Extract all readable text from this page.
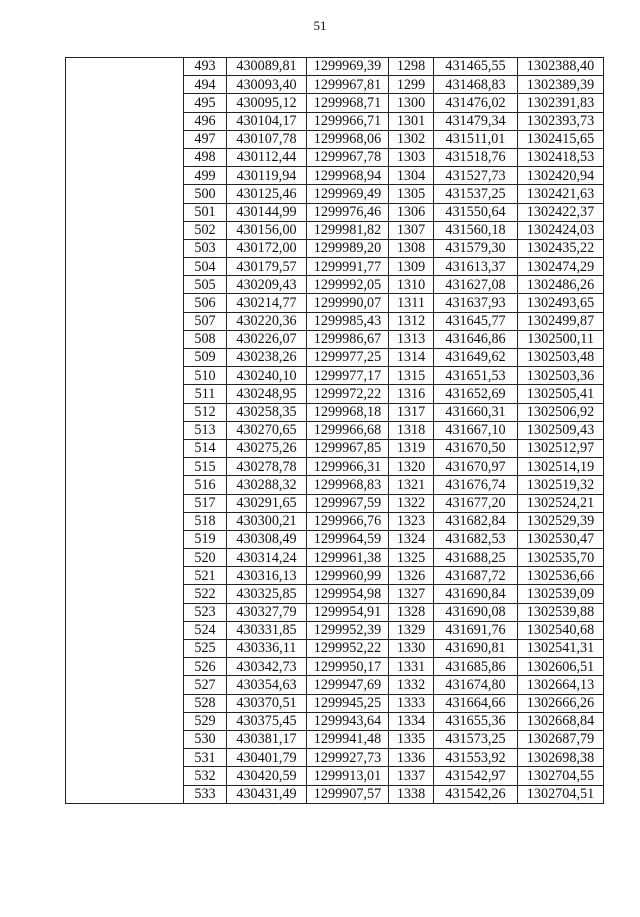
51
	493	430089,81	1299969,39	1298	431465,55	1302388,40
	494	430093,40	1299967,81	1299	431468,83	1302389,39
	495	430095,12	1299968,71	1300	431476,02	1302391,83
	496	430104,17	1299966,71	1301	431479,34	1302393,73
	497	430107,78	1299968,06	1302	431511,01	1302415,65
	498	430112,44	1299967,78	1303	431518,76	1302418,53
	499	430119,94	1299968,94	1304	431527,73	1302420,94
	500	430125,46	1299969,49	1305	431537,25	1302421,63
	501	430144,99	1299976,46	1306	431550,64	1302422,37
	502	430156,00	1299981,82	1307	431560,18	1302424,03
	503	430172,00	1299989,20	1308	431579,30	1302435,22
	504	430179,57	1299991,77	1309	431613,37	1302474,29
	505	430209,43	1299992,05	1310	431627,08	1302486,26
	506	430214,77	1299990,07	1311	431637,93	1302493,65
	507	430220,36	1299985,43	1312	431645,77	1302499,87
	508	430226,07	1299986,67	1313	431646,86	1302500,11
	509	430238,26	1299977,25	1314	431649,62	1302503,48
	510	430240,10	1299977,17	1315	431651,53	1302503,36
	511	430248,95	1299972,22	1316	431652,69	1302505,41
	512	430258,35	1299968,18	1317	431660,31	1302506,92
	513	430270,65	1299966,68	1318	431667,10	1302509,43
	514	430275,26	1299967,85	1319	431670,50	1302512,97
	515	430278,78	1299966,31	1320	431670,97	1302514,19
	516	430288,32	1299968,83	1321	431676,74	1302519,32
	517	430291,65	1299967,59	1322	431677,20	1302524,21
	518	430300,21	1299966,76	1323	431682,84	1302529,39
	519	430308,49	1299964,59	1324	431682,53	1302530,47
	520	430314,24	1299961,38	1325	431688,25	1302535,70
	521	430316,13	1299960,99	1326	431687,72	1302536,66
	522	430325,85	1299954,98	1327	431690,84	1302539,09
	523	430327,79	1299954,91	1328	431690,08	1302539,88
	524	430331,85	1299952,39	1329	431691,76	1302540,68
	525	430336,11	1299952,22	1330	431690,81	1302541,31
	526	430342,73	1299950,17	1331	431685,86	1302606,51
	527	430354,63	1299947,69	1332	431674,80	1302664,13
	528	430370,51	1299945,25	1333	431664,66	1302666,26
	529	430375,45	1299943,64	1334	431655,36	1302668,84
	530	430381,17	1299941,48	1335	431573,25	1302687,79
	531	430401,79	1299927,73	1336	431553,92	1302698,38
	532	430420,59	1299913,01	1337	431542,97	1302704,55
	533	430431,49	1299907,57	1338	431542,26	1302704,51
